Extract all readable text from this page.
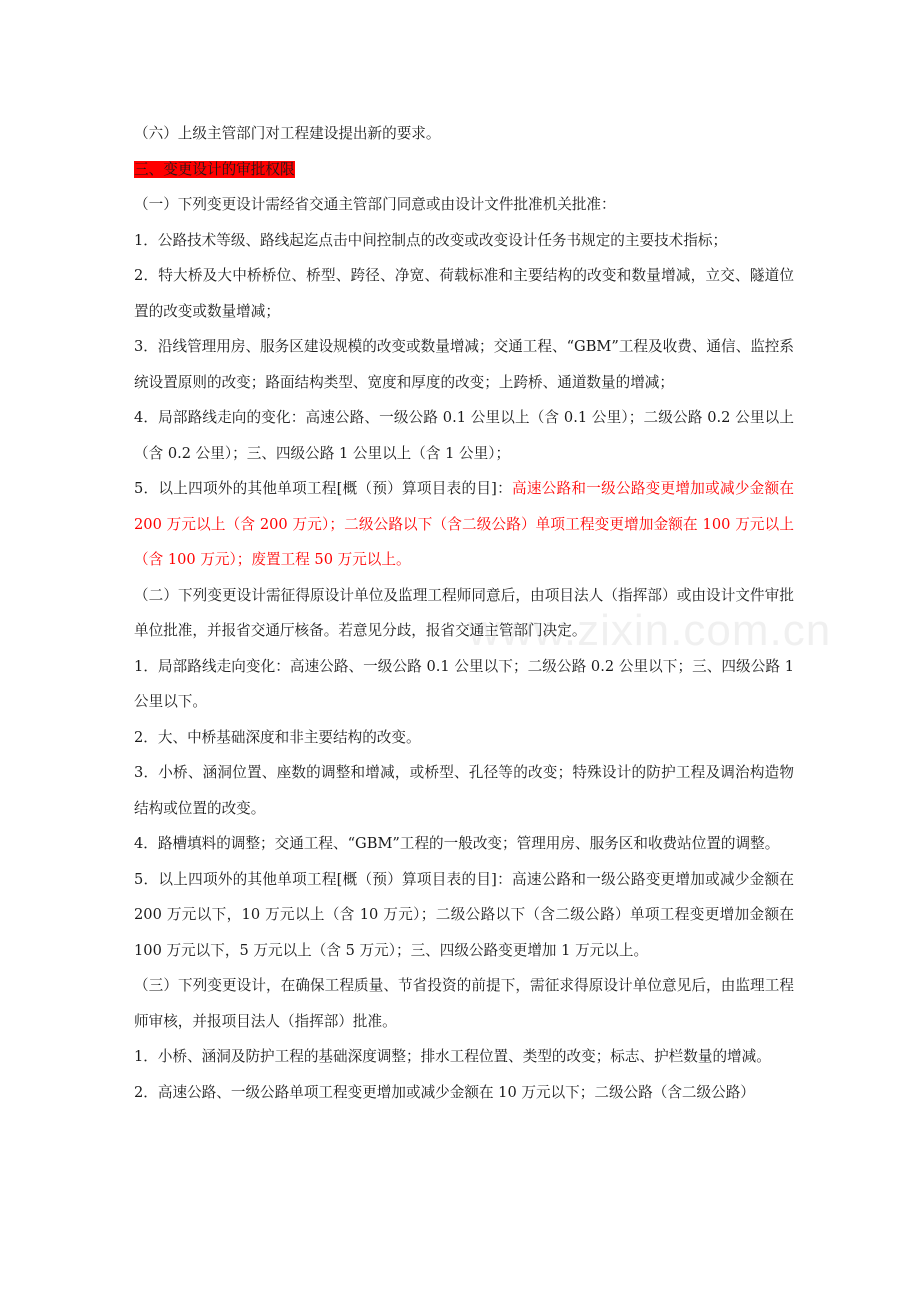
www.zixin.com.cn

（六）上级主管部门对工程建设提出新的要求。

三、变更设计的审批权限

（一）下列变更设计需经省交通主管部门同意或由设计文件批准机关批准：

1．公路技术等级、路线起迄点击中间控制点的改变或改变设计任务书规定的主要技术指标；

2．特大桥及大中桥桥位、桥型、跨径、净宽、荷载标准和主要结构的改变和数量增减，立交、隧道位置的改变或数量增减；

3．沿线管理用房、服务区建设规模的改变或数量增减；交通工程、“GBM”工程及收费、通信、监控系统设置原则的改变；路面结构类型、宽度和厚度的改变；上跨桥、通道数量的增减；

4．局部路线走向的变化：高速公路、一级公路 0.1 公里以上（含 0.1 公里）；二级公路 0.2 公里以上（含 0.2 公里）；三、四级公路 1 公里以上（含 1 公里）；

5．以上四项外的其他单项工程[概（预）算项目表的目]：高速公路和一级公路变更增加或减少金额在 200 万元以上（含 200 万元）；二级公路以下（含二级公路）单项工程变更增加金额在 100 万元以上（含 100 万元）；废置工程 50 万元以上。

（二）下列变更设计需征得原设计单位及监理工程师同意后，由项目法人（指挥部）或由设计文件审批单位批准，并报省交通厅核备。若意见分歧，报省交通主管部门决定。

1．局部路线走向变化：高速公路、一级公路 0.1 公里以下；二级公路 0.2 公里以下；三、四级公路 1 公里以下。

2．大、中桥基础深度和非主要结构的改变。

3．小桥、涵洞位置、座数的调整和增减，或桥型、孔径等的改变；特殊设计的防护工程及调治构造物结构或位置的改变。

4．路槽填料的调整；交通工程、“GBM”工程的一般改变；管理用房、服务区和收费站位置的调整。

5．以上四项外的其他单项工程[概（预）算项目表的目]：高速公路和一级公路变更增加或减少金额在 200 万元以下，10 万元以上（含 10 万元）；二级公路以下（含二级公路）单项工程变更增加金额在 100 万元以下，5 万元以上（含 5 万元）；三、四级公路变更增加 1 万元以上。

（三）下列变更设计，在确保工程质量、节省投资的前提下，需征求得原设计单位意见后，由监理工程师审核，并报项目法人（指挥部）批准。

1．小桥、涵洞及防护工程的基础深度调整；排水工程位置、类型的改变；标志、护栏数量的增减。

2．高速公路、一级公路单项工程变更增加或减少金额在 10 万元以下；二级公路（含二级公路）
